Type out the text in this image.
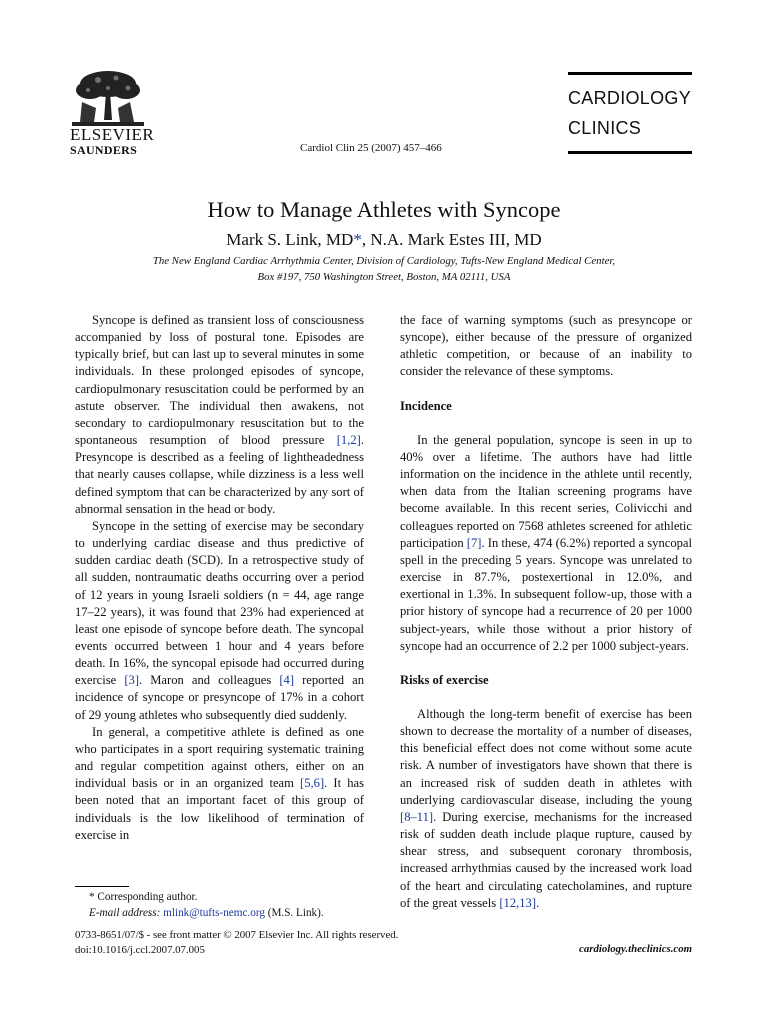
ELSEVIER
SAUNDERS	Cardiol Clin 25 (2007) 457–466
CARDIOLOGY
CLINICS
How to Manage Athletes with Syncope
Mark S. Link, MD*, N.A. Mark Estes III, MD
The New England Cardiac Arrhythmia Center, Division of Cardiology, Tufts-New England Medical Center,
Box #197, 750 Washington Street, Boston, MA 02111, USA

Syncope is defined as transient loss of consciousness accompanied by loss of postural tone. Episodes are typically brief, but can last up to several minutes in some individuals. In these prolonged episodes of syncope, cardiopulmonary resuscitation could be performed by an astute observer. The individual then awakens, not secondary to cardiopulmonary resuscitation but to the spontaneous resumption of blood pressure [1,2]. Presyncope is described as a feeling of lightheadedness that nearly causes collapse, while dizziness is a less well defined symptom that can be characterized by any sort of abnormal sensation in the head or body.

Syncope in the setting of exercise may be secondary to underlying cardiac disease and thus predictive of sudden cardiac death (SCD). In a retrospective study of all sudden, nontraumatic deaths occurring over a period of 12 years in young Israeli soldiers (n = 44, age range 17–22 years), it was found that 23% had experienced at least one episode of syncope before death. The syncopal events occurred between 1 hour and 4 years before death. In 16%, the syncopal episode had occurred during exercise [3]. Maron and colleagues [4] reported an incidence of syncope or presyncope of 17% in a cohort of 29 young athletes who subsequently died suddenly.

In general, a competitive athlete is defined as one who participates in a sport requiring systematic training and regular competition against others, either on an individual basis or in an organized team [5,6]. It has been noted that an important facet of this group of individuals is the low likelihood of termination of exercise in

the face of warning symptoms (such as presyncope or syncope), either because of the pressure of organized athletic competition, or because of an inability to consider the relevance of these symptoms.

Incidence

In the general population, syncope is seen in up to 40% over a lifetime. The authors have had little information on the incidence in the athlete until recently, when data from the Italian screening programs have become available. In this recent series, Colivicchi and colleagues reported on 7568 athletes screened for athletic participation [7]. In these, 474 (6.2%) reported a syncopal spell in the preceding 5 years. Syncope was unrelated to exercise in 87.7%, postexertional in 12.0%, and exertional in 1.3%. In subsequent follow-up, those with a prior history of syncope had a recurrence of 20 per 1000 subject-years, while those without a prior history of syncope had an occurrence of 2.2 per 1000 subject-years.

Risks of exercise

Although the long-term benefit of exercise has been shown to decrease the mortality of a number of diseases, this beneficial effect does not come without some acute risk. A number of investigators have shown that there is an increased risk of sudden death in athletes with underlying cardiovascular disease, including the young [8–11]. During exercise, mechanisms for the increased risk of sudden death include plaque rupture, caused by shear stress, and subsequent coronary thrombosis, increased arrhythmias caused by the increased work load of the heart and circulating catecholamines, and rupture of the great vessels [12,13].

* Corresponding author.
E-mail address: mlink@tufts-nemc.org (M.S. Link).
0733-8651/07/$ - see front matter © 2007 Elsevier Inc. All rights reserved.
doi:10.1016/j.ccl.2007.07.005	cardiology.theclinics.com
